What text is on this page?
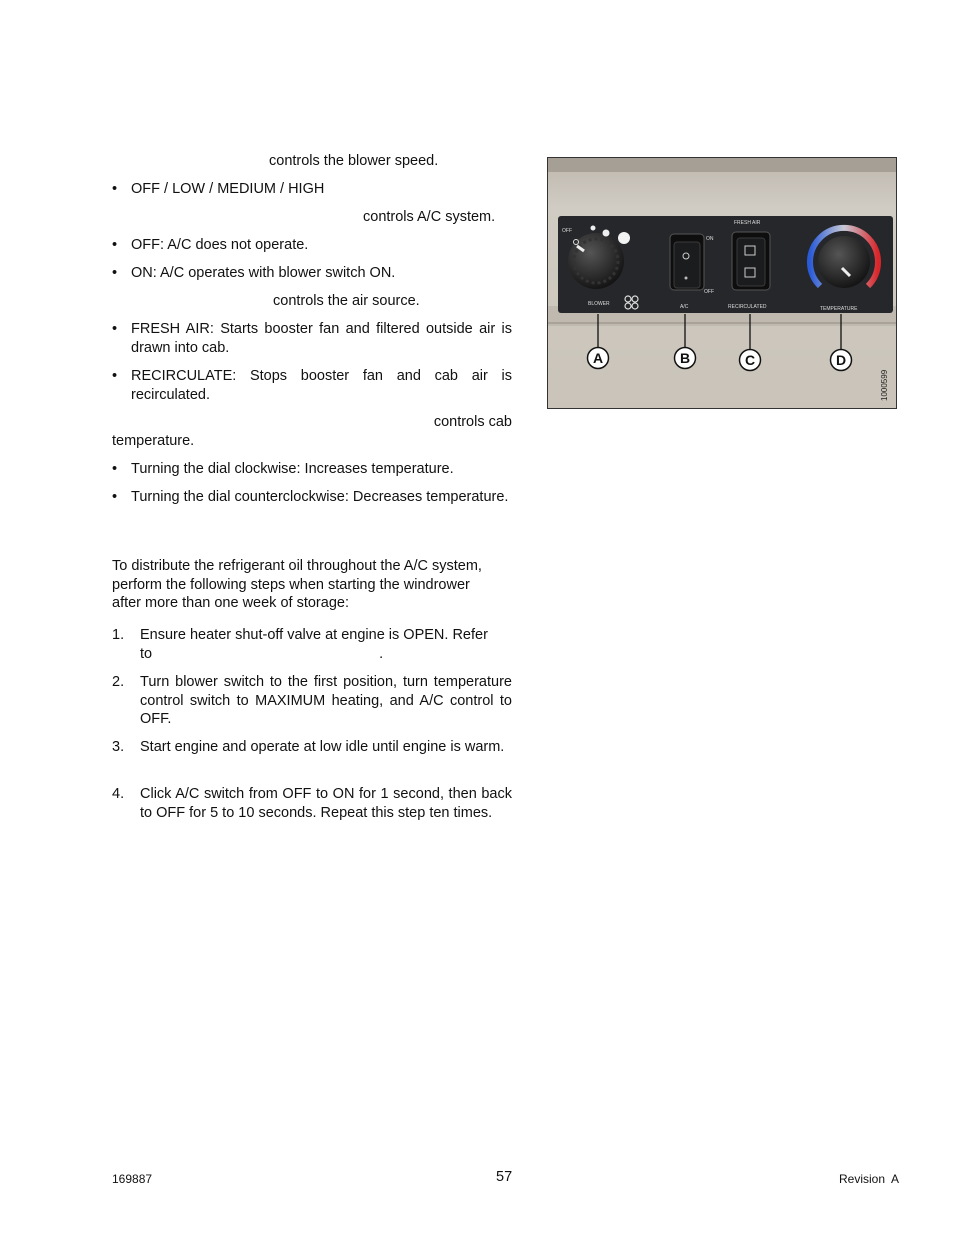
controls the blower speed.
• OFF / LOW / MEDIUM / HIGH
controls A/C system.
• OFF: A/C does not operate.
• ON: A/C operates with blower switch ON.
controls the air source.
• FRESH AIR: Starts booster fan and filtered outside air is drawn into cab.
• RECIRCULATE: Stops booster fan and cab air is recirculated.
controls cab
temperature.
• Turning the dial clockwise: Increases temperature.
• Turning the dial counterclockwise: Decreases temperature.
To distribute the refrigerant oil throughout the A/C system, perform the following steps when starting the windrower after more than one week of storage:
1. Ensure heater shut-off valve at engine is OPEN. Refer
to	.
2. Turn blower switch to the first position, turn temperature control switch to MAXIMUM heating, and A/C control to OFF.
3. Start engine and operate at low idle until engine is warm.
4. Click A/C switch from OFF to ON for 1 second, then back to OFF for 5 to 10 seconds. Repeat this step ten times.
OFF
BLOWER
ON
OFF
A/C
FRESH AIR
RECIRCULATED	TEMPERATURE
A	B	C	D
1000599
169887	57	Revision  A
